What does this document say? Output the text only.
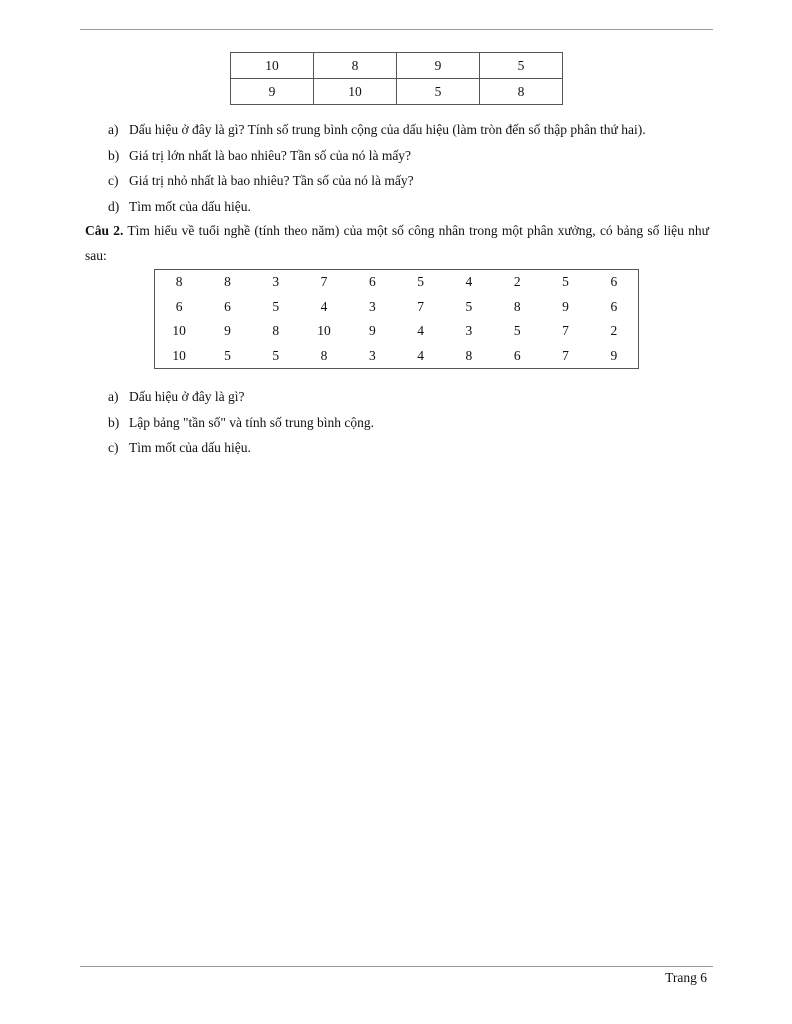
10	8	9	5
9	10	5	8
a) Dấu hiệu ở đây là gì? Tính số trung bình cộng của dấu hiệu (làm tròn đến số thập phân thứ hai).
b) Giá trị lớn nhất là bao nhiêu? Tần số của nó là mấy?
c) Giá trị nhỏ nhất là bao nhiêu? Tần số của nó là mấy?
d) Tìm mốt của dấu hiệu.

Câu 2. Tìm hiểu về tuổi nghề (tính theo năm) của một số công nhân trong một phân xưởng, có bảng số liệu như sau:

8	8	3	7	6	5	4	2	5	6
6	6	5	4	3	7	5	8	9	6
10	9	8	10	9	4	3	5	7	2
10	5	5	8	3	4	8	6	7	9
a) Dấu hiệu ở đây là gì?
b) Lập bảng "tần số" và tính số trung bình cộng.
c) Tìm mốt của dấu hiệu.
Trang 6
